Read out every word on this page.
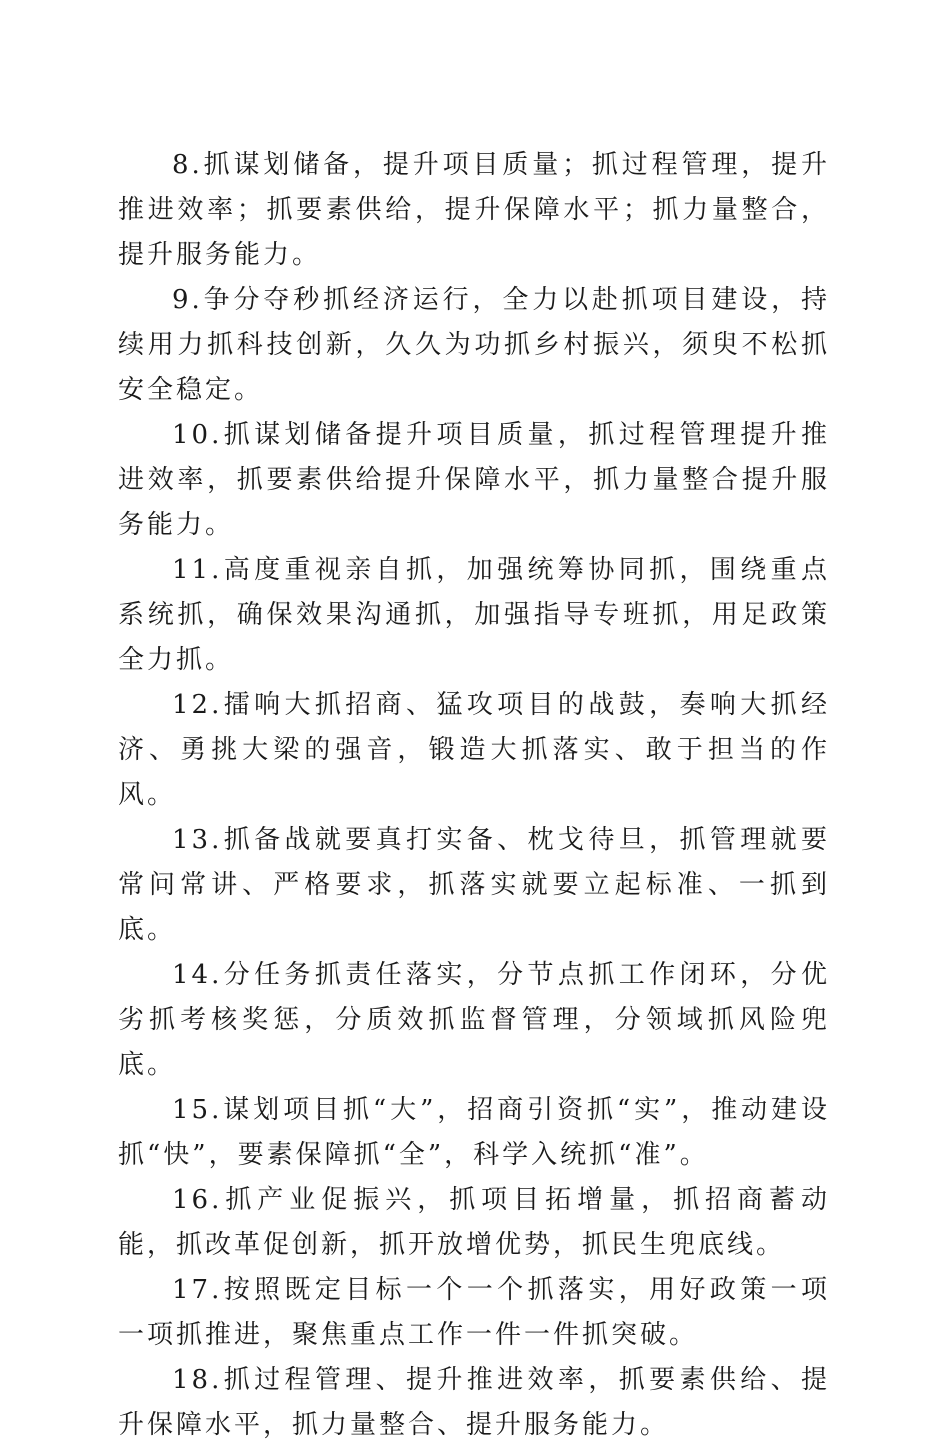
8.抓谋划储备，提升项目质量；抓过程管理，提升推进效率；抓要素供给，提升保障水平；抓力量整合，提升服务能力。

9.争分夺秒抓经济运行，全力以赴抓项目建设，持续用力抓科技创新，久久为功抓乡村振兴，须臾不松抓安全稳定。

10.抓谋划储备提升项目质量，抓过程管理提升推进效率，抓要素供给提升保障水平，抓力量整合提升服务能力。

11.高度重视亲自抓，加强统筹协同抓，围绕重点系统抓，确保效果沟通抓，加强指导专班抓，用足政策全力抓。

12.擂响大抓招商、猛攻项目的战鼓，奏响大抓经济、勇挑大梁的强音，锻造大抓落实、敢于担当的作风。

13.抓备战就要真打实备、枕戈待旦，抓管理就要常问常讲、严格要求，抓落实就要立起标准、一抓到底。

14.分任务抓责任落实，分节点抓工作闭环，分优劣抓考核奖惩，分质效抓监督管理，分领域抓风险兜底。

15.谋划项目抓“大”，招商引资抓“实”，推动建设抓“快”，要素保障抓“全”，科学入统抓“准”。

16.抓产业促振兴，抓项目拓增量，抓招商蓄动能，抓改革促创新，抓开放增优势，抓民生兜底线。

17.按照既定目标一个一个抓落实，用好政策一项一项抓推进，聚焦重点工作一件一件抓突破。

18.抓过程管理、提升推进效率，抓要素供给、提升保障水平，抓力量整合、提升服务能力。
